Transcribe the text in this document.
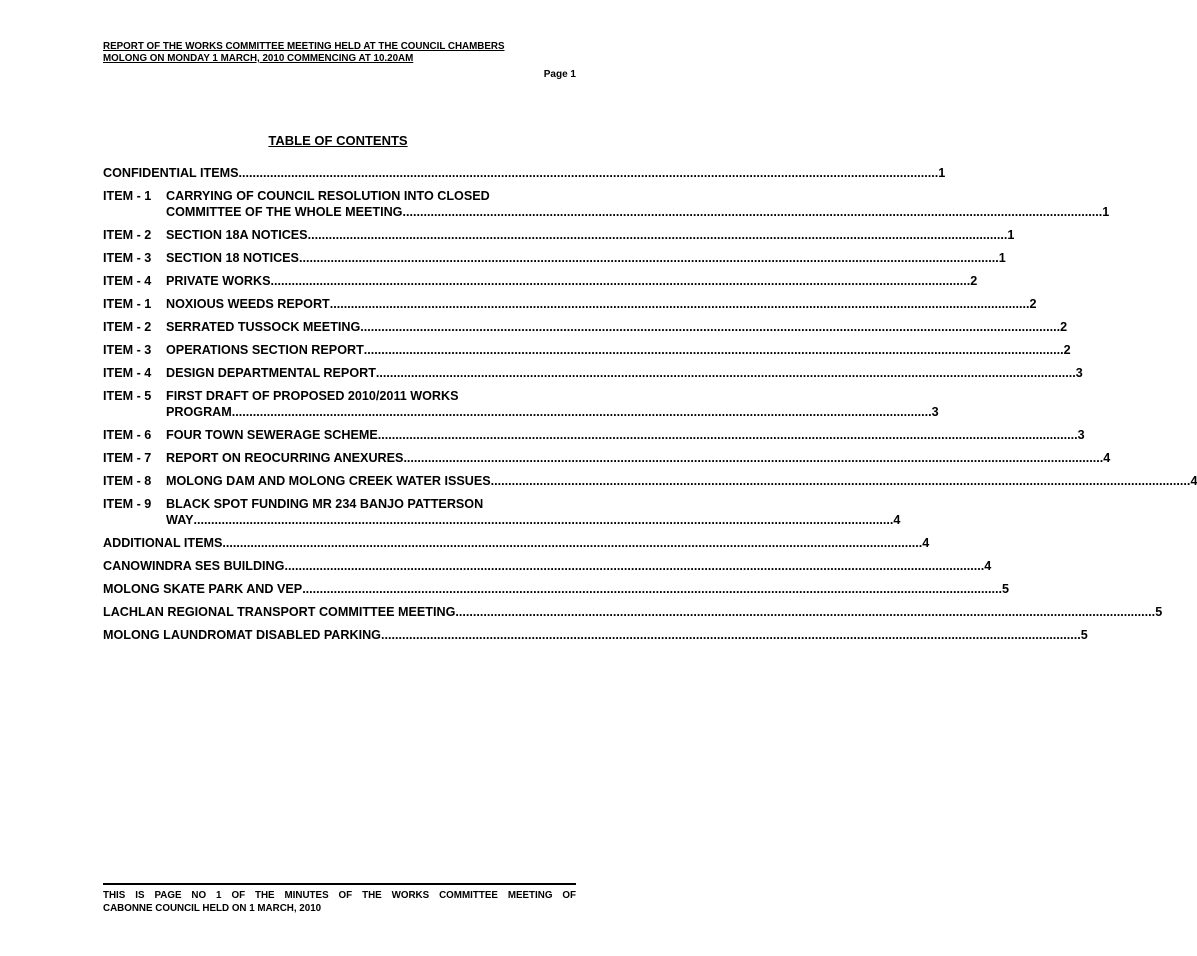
REPORT OF THE WORKS COMMITTEE MEETING HELD AT THE COUNCIL CHAMBERS
MOLONG ON MONDAY 1 MARCH, 2010 COMMENCING AT 10.20AM
Page 1
TABLE OF CONTENTS
CONFIDENTIAL ITEMS .....	1
ITEM - 1	CARRYING OF COUNCIL RESOLUTION INTO CLOSED
COMMITTEE OF THE WHOLE MEETING .....	1
ITEM - 2	SECTION 18A NOTICES .....	1
ITEM - 3	SECTION 18 NOTICES .....	1
ITEM - 4	PRIVATE WORKS .....	2
ITEM - 1	NOXIOUS WEEDS REPORT .....	2
ITEM - 2	SERRATED TUSSOCK MEETING .....	2
ITEM - 3	OPERATIONS SECTION REPORT .....	2
ITEM - 4	DESIGN DEPARTMENTAL REPORT .....	3
ITEM - 5	FIRST DRAFT OF PROPOSED 2010/2011 WORKS
PROGRAM .....	3
ITEM - 6	FOUR TOWN SEWERAGE SCHEME .....	3
ITEM - 7	REPORT ON REOCURRING ANEXURES .....	4
ITEM - 8	MOLONG DAM AND MOLONG CREEK WATER ISSUES .....	4
ITEM - 9	BLACK SPOT FUNDING MR 234 BANJO PATTERSON
WAY .....	4
ADDITIONAL ITEMS .....	4
CANOWINDRA SES BUILDING .....	4
MOLONG SKATE PARK AND VEP .....	5
LACHLAN REGIONAL TRANSPORT COMMITTEE MEETING .....	5
MOLONG LAUNDROMAT DISABLED PARKING .....	5
THIS IS PAGE NO 1 OF THE MINUTES OF THE WORKS COMMITTEE MEETING OF
CABONNE COUNCIL HELD ON 1 MARCH, 2010
